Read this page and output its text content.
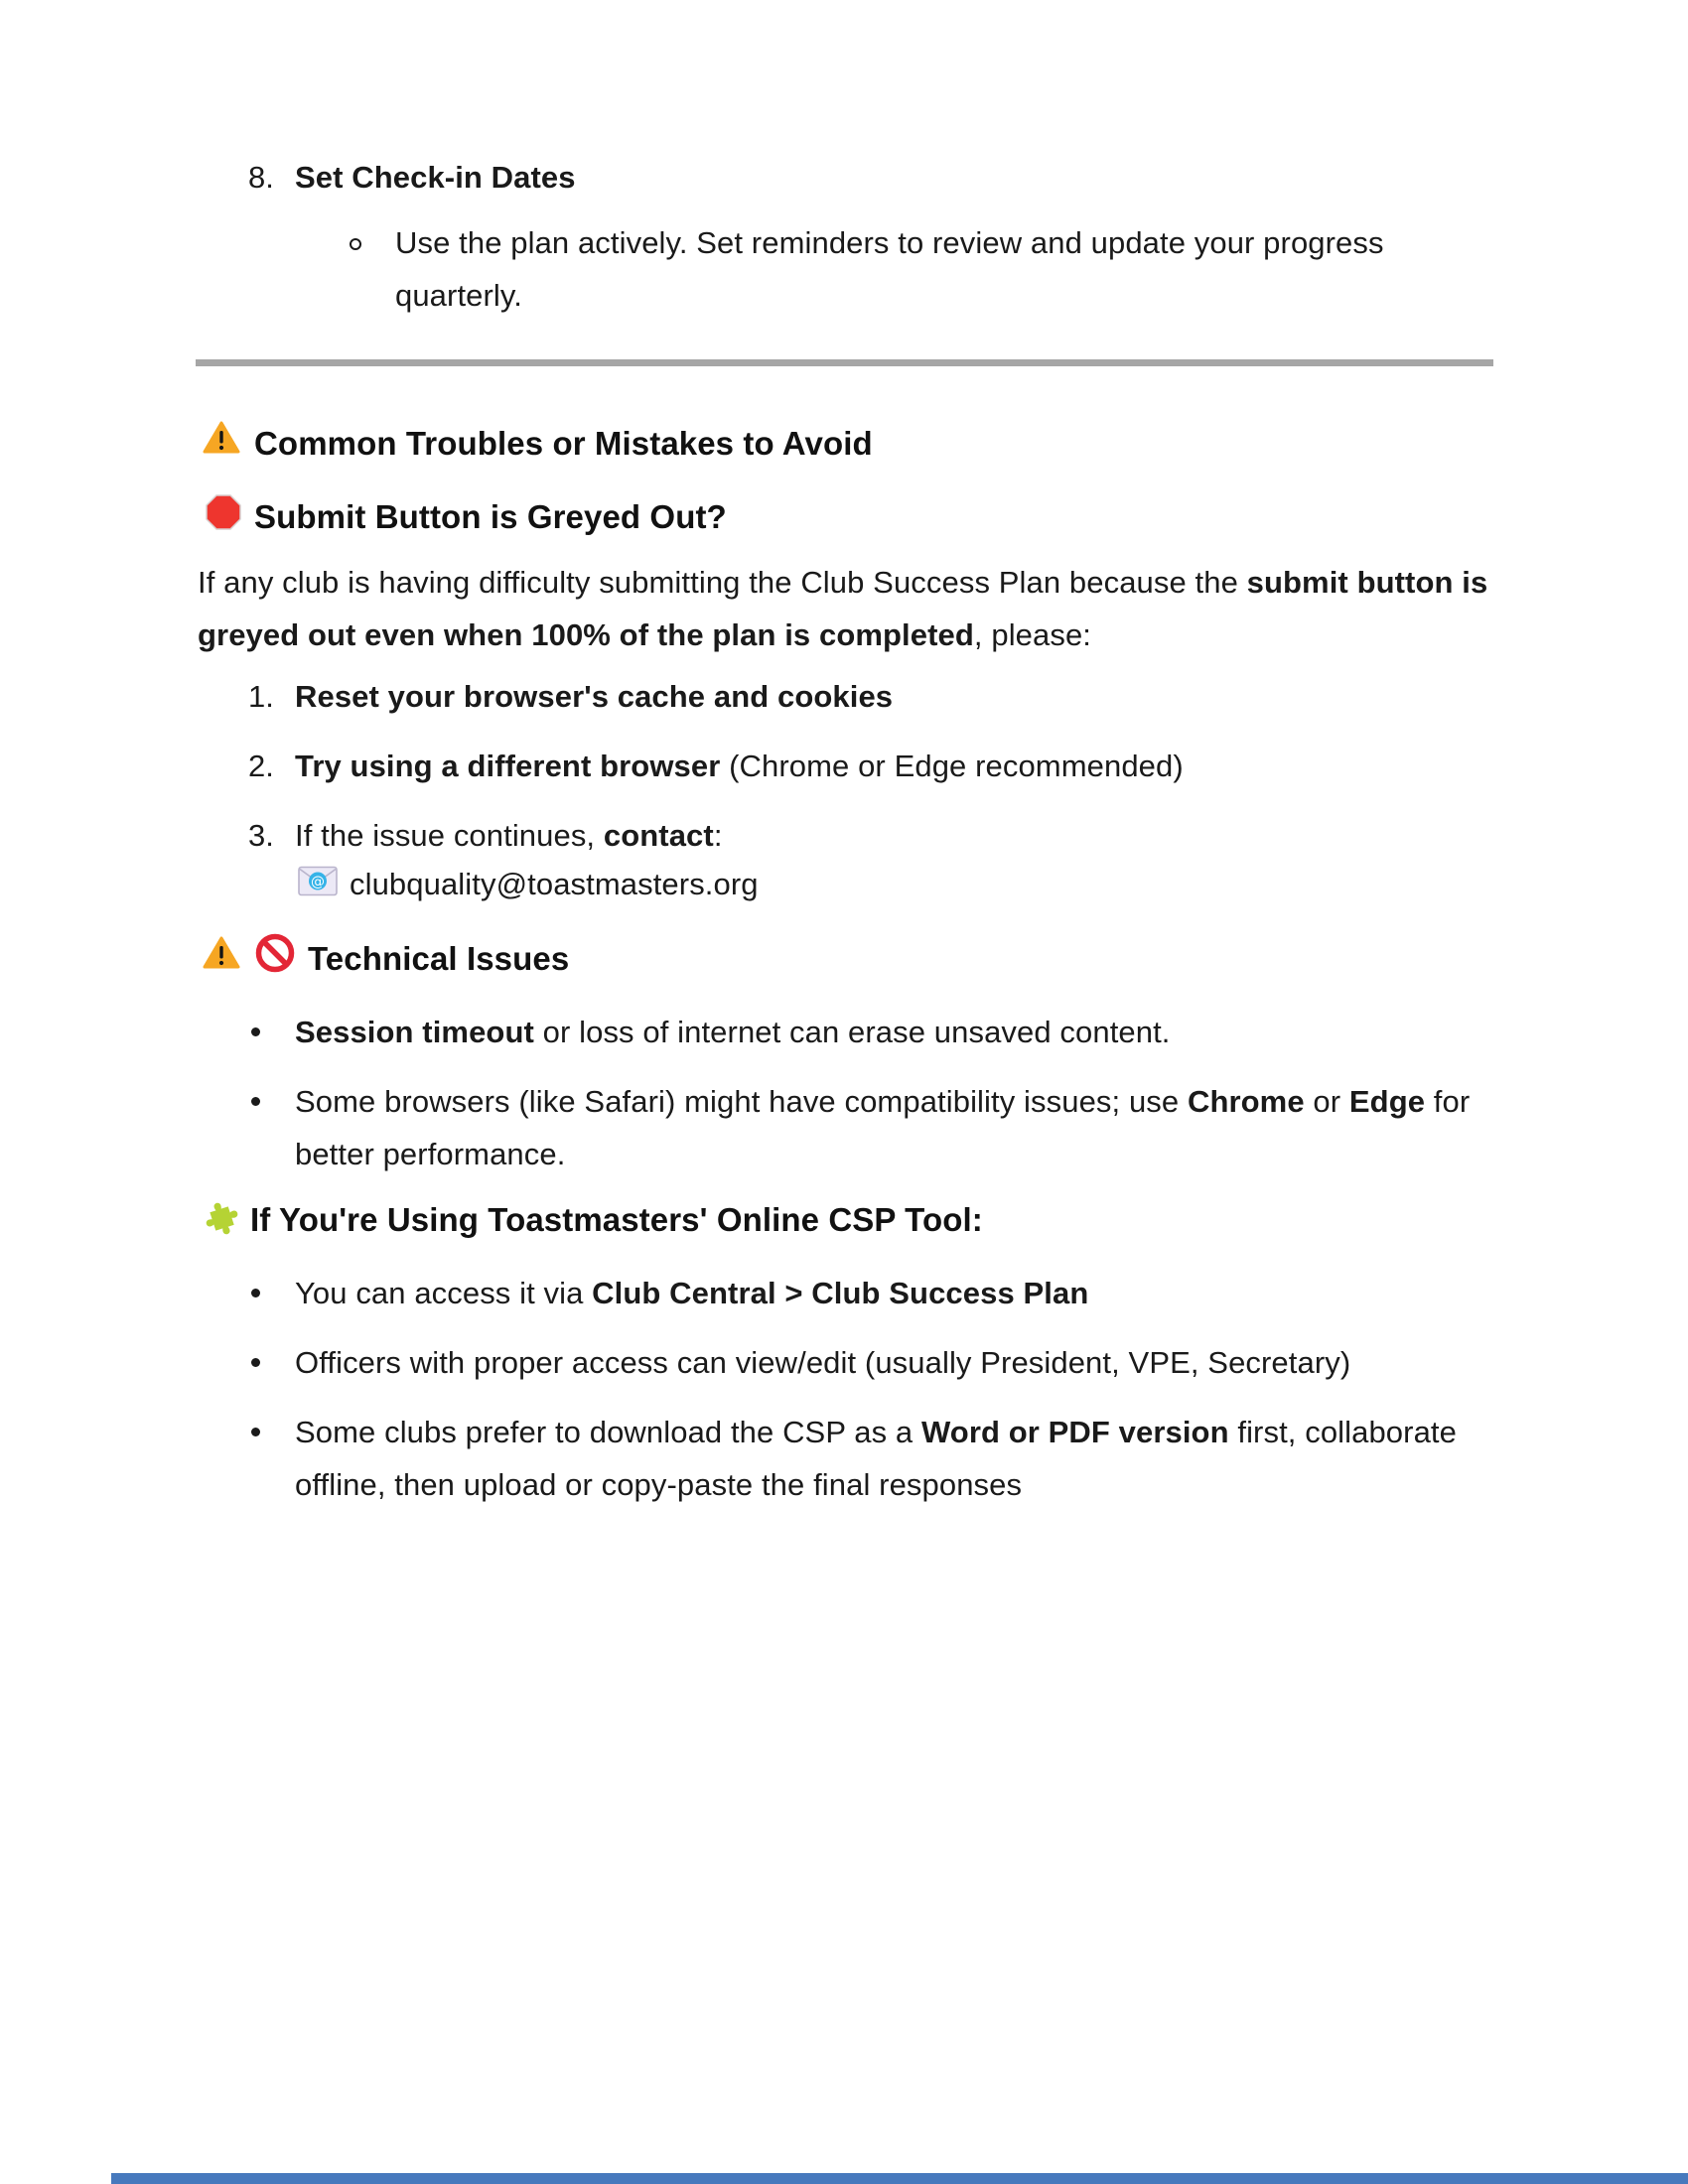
8. Set Check-in Dates
Use the plan actively. Set reminders to review and update your progress quarterly.
Common Troubles or Mistakes to Avoid
Submit Button is Greyed Out?
If any club is having difficulty submitting the Club Success Plan because the submit button is greyed out even when 100% of the plan is completed, please:
1. Reset your browser's cache and cookies
2. Try using a different browser (Chrome or Edge recommended)
3. If the issue continues, contact:
@ clubquality@toastmasters.org
Technical Issues
Session timeout or loss of internet can erase unsaved content.
Some browsers (like Safari) might have compatibility issues; use Chrome or Edge for better performance.
If You're Using Toastmasters' Online CSP Tool:
You can access it via Club Central > Club Success Plan
Officers with proper access can view/edit (usually President, VPE, Secretary)
Some clubs prefer to download the CSP as a Word or PDF version first, collaborate offline, then upload or copy-paste the final responses
